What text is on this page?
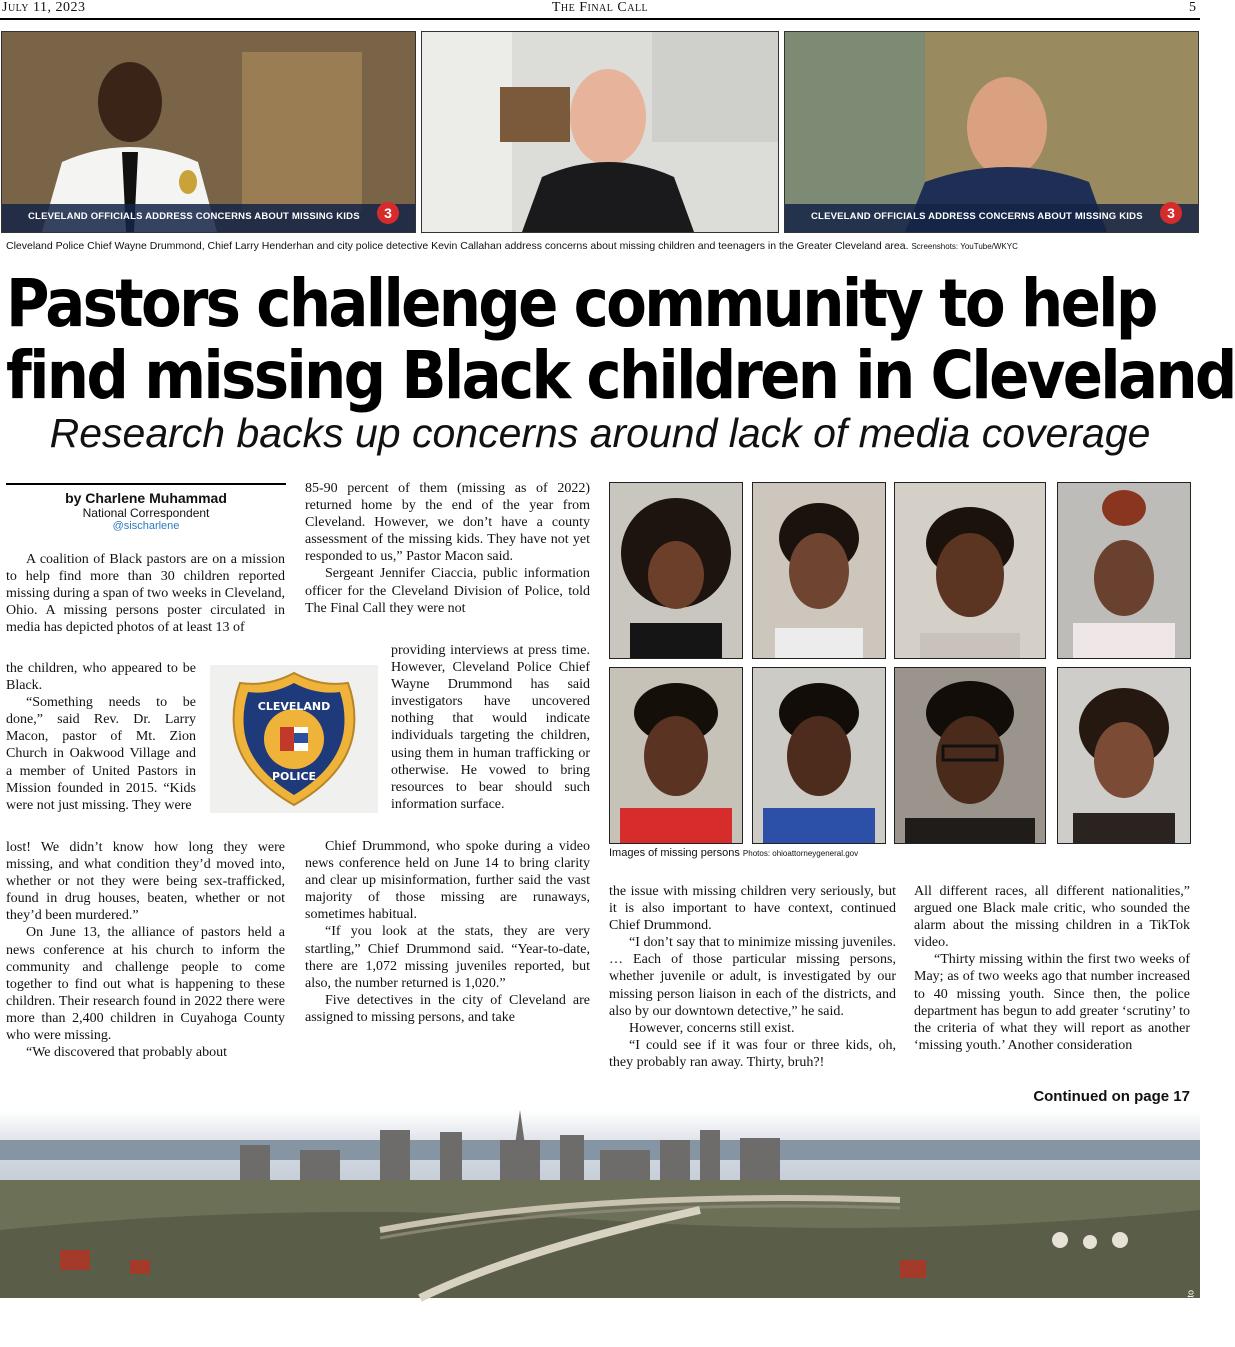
July 11, 2023	The Final Call	5
CLEVELAND OFFICIALS ADDRESS CONCERNS ABOUT MISSING KIDS	3	CLEVELAND OFFICIALS ADDRESS CONCERNS ABOUT MISSING KIDS	3
Cleveland Police Chief Wayne Drummond, Chief Larry Henderhan and city police detective Kevin Callahan address concerns about missing children and teenagers in the Greater Cleveland area. Screenshots: YouTube/WKYC
Pastors challenge community to help
find missing Black children in Cleveland
Research backs up concerns around lack of media coverage
by Charlene Muhammad
National Correspondent
@sischarlene

A coalition of Black pastors are on a mission to help find more than 30 children reported missing during a span of two weeks in Cleveland, Ohio. A missing persons poster circulated in media has depicted photos of at least 13 of

the children, who appeared to be Black.

“Something needs to be done,” said Rev. Dr. Larry Macon, pastor of Mt. Zion Church in Oakwood Village and a member of United Pastors in Mission founded in 2015. “Kids were not just missing. They were

lost! We didn’t know how long they were missing, and what condition they’d moved into, whether or not they were being sex-trafficked, found in drug houses, beaten, whether or not they’d been murdered.”

On June 13, the alliance of pastors held a news conference at his church to inform the community and challenge people to come together to find out what is happening to these children. Their research found in 2022 there were more than 2,400 children in Cuyahoga County who were missing.

“We discovered that probably about

CLEVELAND
POLICE

85-90 percent of them (missing as of 2022) returned home by the end of the year from Cleveland. However, we don’t have a county assessment of the missing kids. They have not yet responded to us,” Pastor Macon said.

Sergeant Jennifer Ciaccia, public information officer for the Cleveland Division of Police, told The Final Call they were not

providing interviews at press time. However, Cleveland Police Chief Wayne Drummond has said investigators have uncovered nothing that would indicate individuals targeting the children, using them in human trafficking or otherwise. He vowed to bring resources to bear should such information surface.

Chief Drummond, who spoke during a video news conference held on June 14 to bring clarity and clear up misinformation, further said the vast majority of those missing are runaways, sometimes habitual.

“If you look at the stats, they are very startling,” Chief Drummond said. “Year-to-date, there are 1,072 missing juveniles reported, but also, the number returned is 1,020.”

Five detectives in the city of Cleveland are assigned to missing persons, and take

Images of missing persons Photos: ohioattorneygeneral.gov

the issue with missing children very seriously, but it is also important to have context, continued Chief Drummond.

“I don’t say that to minimize missing juveniles. … Each of those particular missing persons, whether juvenile or adult, is investigated by our missing person liaison in each of the districts, and also by our downtown detective,” he said.

However, concerns still exist.

“I could see if it was four or three kids, oh, they probably ran away. Thirty, bruh?!

All different races, all different nationalities,” argued one Black male critic, who sounded the alarm about the missing children in a TikTok video.

“Thirty missing within the first two weeks of May; as of two weeks ago that number increased to 40 missing youth. Since then, the police department has begun to add greater ‘scrutiny’ to the criteria of what they will report as another ‘missing youth.’ Another consideration

Continued on page 17
Photo: Envato
